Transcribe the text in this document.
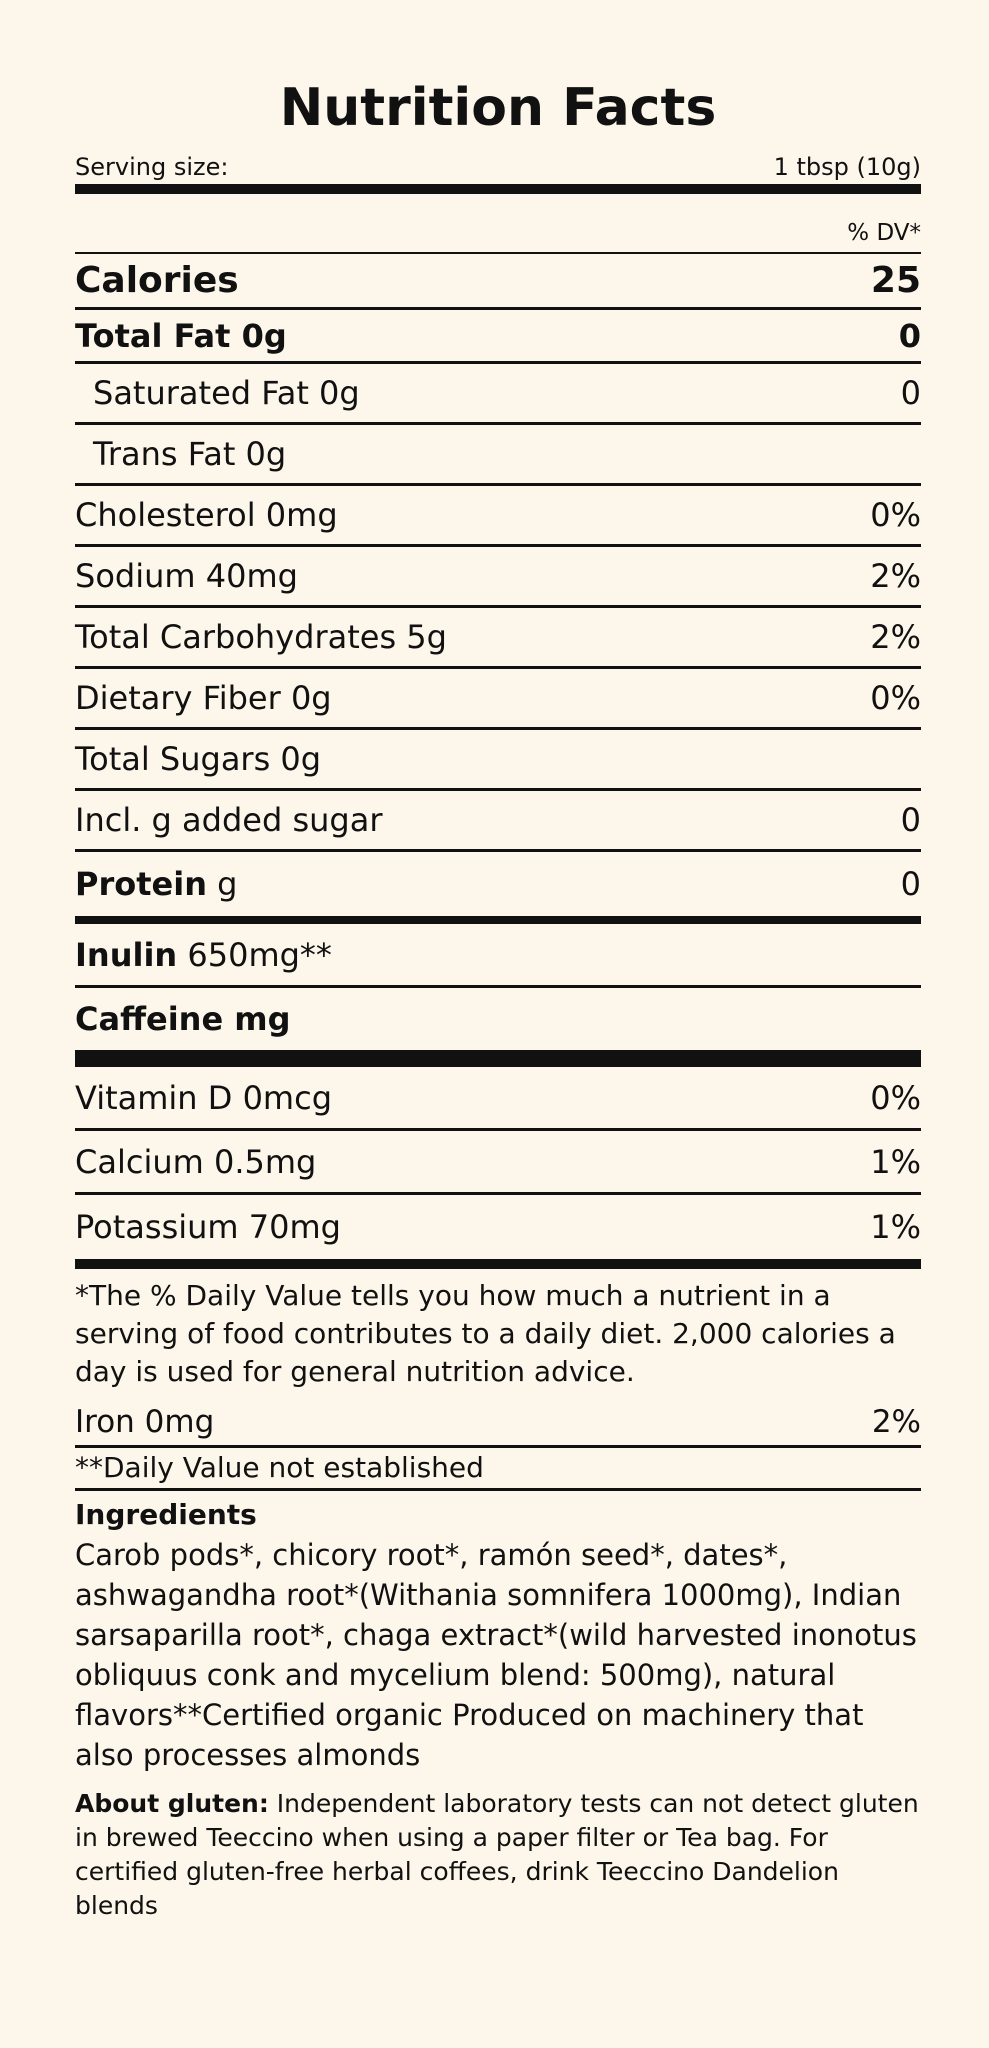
Nutrition Facts
Serving size:	1 tbsp (10g)
% DV*
Calories	25
Total Fat 0g	0
Saturated Fat 0g	0
Trans Fat 0g
Cholesterol 0mg	0%
Sodium 40mg	2%
Total Carbohydrates 5g	2%
Dietary Fiber 0g	0%
Total Sugars 0g
Incl. g added sugar	0
Protein g	0
Inulin 650mg**
Caffeine mg
Vitamin D 0mcg	0%
Calcium 0.5mg	1%
Potassium 70mg	1%
*The % Daily Value tells you how much a nutrient in a serving of food contributes to a daily diet. 2,000 calories a day is used for general nutrition advice.
Iron 0mg	2%
**Daily Value not established
Ingredients
Carob pods*, chicory root*, ramón seed*, dates*, ashwagandha root*(Withania somnifera 1000mg), Indian sarsaparilla root*, chaga extract*(wild harvested inonotus obliquus conk and mycelium blend: 500mg), natural flavors**Certified organic Produced on machinery that also processes almonds
About gluten: Independent laboratory tests can not detect gluten in brewed Teeccino when using a paper filter or Tea bag. For certified gluten-free herbal coffees, drink Teeccino Dandelion blends
